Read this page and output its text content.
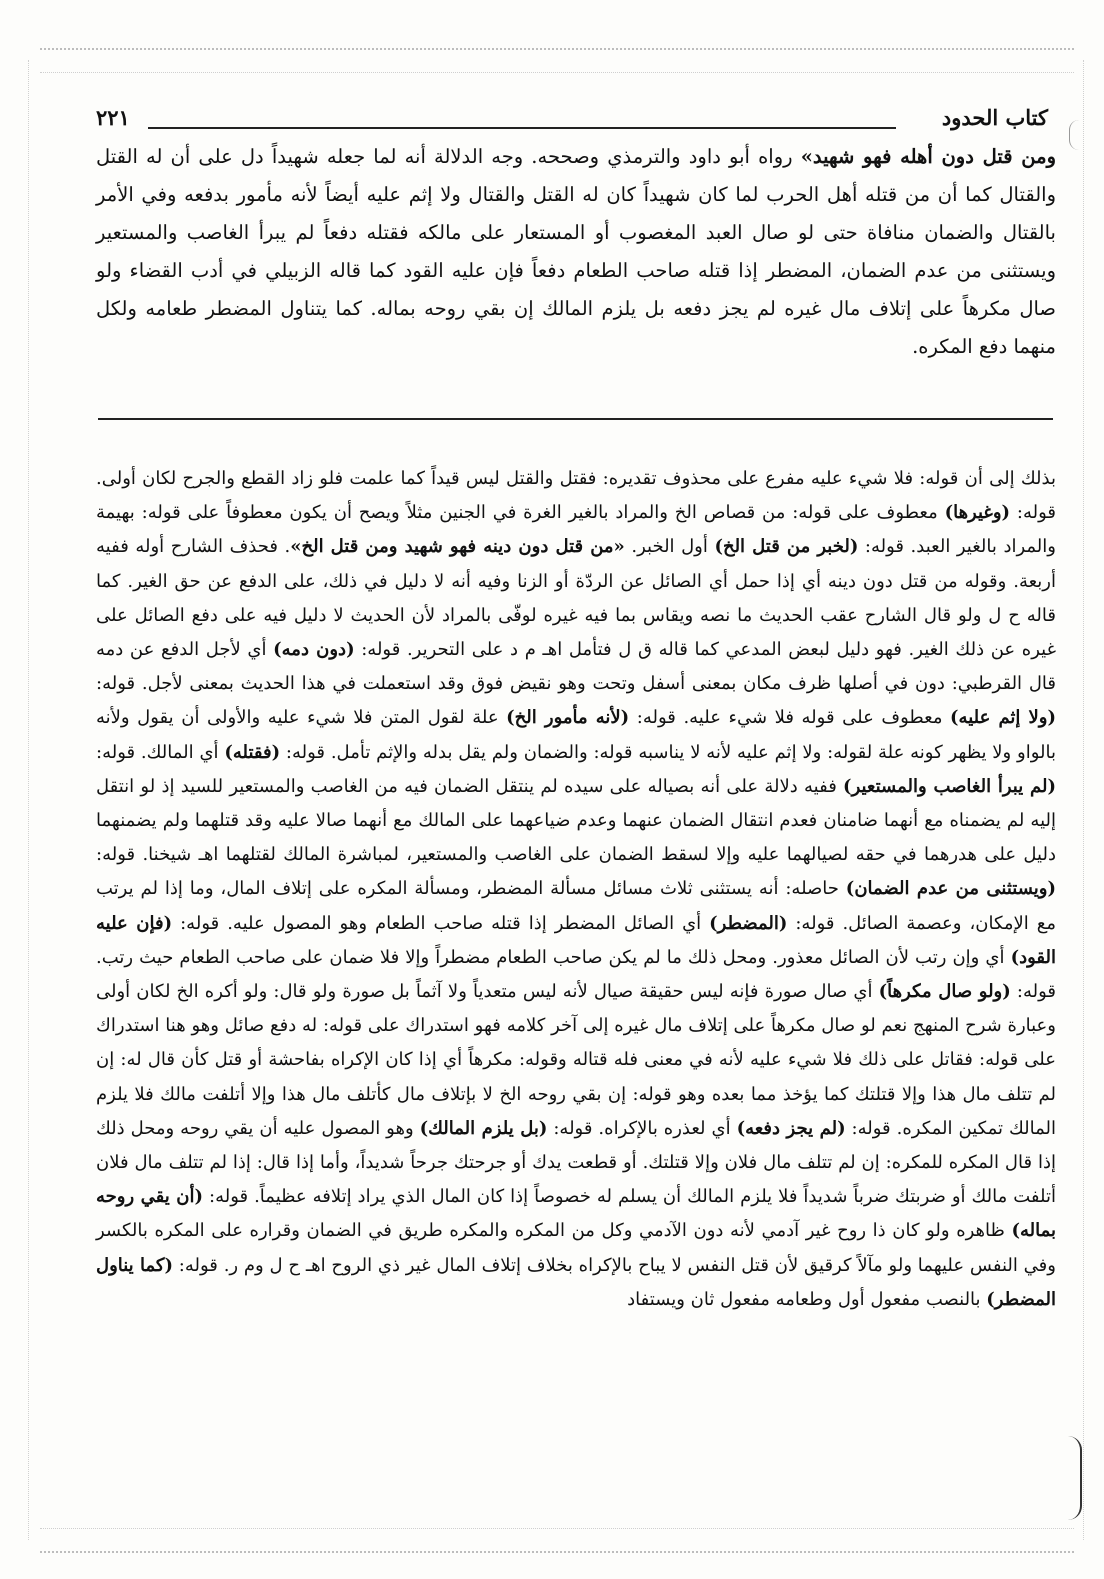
كتاب الحدود
٢٢١

ومن قتل دون أهله فهو شهيد» رواه أبو داود والترمذي وصححه. وجه الدلالة أنه لما جعله شهيداً دل على أن له القتل والقتال كما أن من قتله أهل الحرب لما كان شهيداً كان له القتل والقتال ولا إثم عليه أيضاً لأنه مأمور بدفعه وفي الأمر بالقتال والضمان منافاة حتى لو صال العبد المغصوب أو المستعار على مالكه فقتله دفعاً لم يبرأ الغاصب والمستعير ويستثنى من عدم الضمان، المضطر إذا قتله صاحب الطعام دفعاً فإن عليه القود كما قاله الزبيلي في أدب القضاء ولو صال مكرهاً على إتلاف مال غيره لم يجز دفعه بل يلزم المالك إن بقي روحه بماله. كما يتناول المضطر طعامه ولكل منهما دفع المكره.

بذلك إلى أن قوله: فلا شيء عليه مفرع على محذوف تقديره: فقتل والقتل ليس قيداً كما علمت فلو زاد القطع والجرح لكان أولى. قوله: (وغيرها) معطوف على قوله: من قصاص الخ والمراد بالغير الغرة في الجنين مثلاً ويصح أن يكون معطوفاً على قوله: بهيمة والمراد بالغير العبد. قوله: (لخبر من قتل الخ) أول الخبر. «من قتل دون دينه فهو شهيد ومن قتل الخ». فحذف الشارح أوله ففيه أربعة. وقوله من قتل دون دينه أي إذا حمل أي الصائل عن الردّة أو الزنا وفيه أنه لا دليل في ذلك، على الدفع عن حق الغير. كما قاله ح ل ولو قال الشارح عقب الحديث ما نصه ويقاس بما فيه غيره لوفّى بالمراد لأن الحديث لا دليل فيه على دفع الصائل على غيره عن ذلك الغير. فهو دليل لبعض المدعي كما قاله ق ل فتأمل اهـ م د على التحرير. قوله: (دون دمه) أي لأجل الدفع عن دمه قال القرطبي: دون في أصلها ظرف مكان بمعنى أسفل وتحت وهو نقيض فوق وقد استعملت في هذا الحديث بمعنى لأجل. قوله: (ولا إثم عليه) معطوف على قوله فلا شيء عليه. قوله: (لأنه مأمور الخ) علة لقول المتن فلا شيء عليه والأولى أن يقول ولأنه بالواو ولا يظهر كونه علة لقوله: ولا إثم عليه لأنه لا يناسبه قوله: والضمان ولم يقل بدله والإثم تأمل. قوله: (فقتله) أي المالك. قوله: (لم يبرأ الغاصب والمستعير) ففيه دلالة على أنه بصياله على سيده لم ينتقل الضمان فيه من الغاصب والمستعير للسيد إذ لو انتقل إليه لم يضمناه مع أنهما ضامنان فعدم انتقال الضمان عنهما وعدم ضياعهما على المالك مع أنهما صالا عليه وقد قتلهما ولم يضمنهما دليل على هدرهما في حقه لصيالهما عليه وإلا لسقط الضمان على الغاصب والمستعير، لمباشرة المالك لقتلهما اهـ شيخنا. قوله: (ويستثنى من عدم الضمان) حاصله: أنه يستثنى ثلاث مسائل مسألة المضطر، ومسألة المكره على إتلاف المال، وما إذا لم يرتب مع الإمكان، وعصمة الصائل. قوله: (المضطر) أي الصائل المضطر إذا قتله صاحب الطعام وهو المصول عليه. قوله: (فإن عليه القود) أي وإن رتب لأن الصائل معذور. ومحل ذلك ما لم يكن صاحب الطعام مضطراً وإلا فلا ضمان على صاحب الطعام حيث رتب. قوله: (ولو صال مكرهاً) أي صال صورة فإنه ليس حقيقة صيال لأنه ليس متعدياً ولا آثماً بل صورة ولو قال: ولو أكره الخ لكان أولى وعبارة شرح المنهج نعم لو صال مكرهاً على إتلاف مال غيره إلى آخر كلامه فهو استدراك على قوله: له دفع صائل وهو هنا استدراك على قوله: فقاتل على ذلك فلا شيء عليه لأنه في معنى فله قتاله وقوله: مكرهاً أي إذا كان الإكراه بفاحشة أو قتل كأن قال له: إن لم تتلف مال هذا وإلا قتلتك كما يؤخذ مما بعده وهو قوله: إن بقي روحه الخ لا بإتلاف مال كأتلف مال هذا وإلا أتلفت مالك فلا يلزم المالك تمكين المكره. قوله: (لم يجز دفعه) أي لعذره بالإكراه. قوله: (بل يلزم المالك) وهو المصول عليه أن يقي روحه ومحل ذلك إذا قال المكره للمكره: إن لم تتلف مال فلان وإلا قتلتك. أو قطعت يدك أو جرحتك جرحاً شديداً، وأما إذا قال: إذا لم تتلف مال فلان أتلفت مالك أو ضربتك ضرباً شديداً فلا يلزم المالك أن يسلم له خصوصاً إذا كان المال الذي يراد إتلافه عظيماً. قوله: (أن يقي روحه بماله) ظاهره ولو كان ذا روح غير آدمي لأنه دون الآدمي وكل من المكره والمكره طريق في الضمان وقراره على المكره بالكسر وفي النفس عليهما ولو مآلاً كرقيق لأن قتل النفس لا يباح بالإكراه بخلاف إتلاف المال غير ذي الروح اهـ ح ل وم ر. قوله: (كما يناول المضطر) بالنصب مفعول أول وطعامه مفعول ثان ويستفاد
